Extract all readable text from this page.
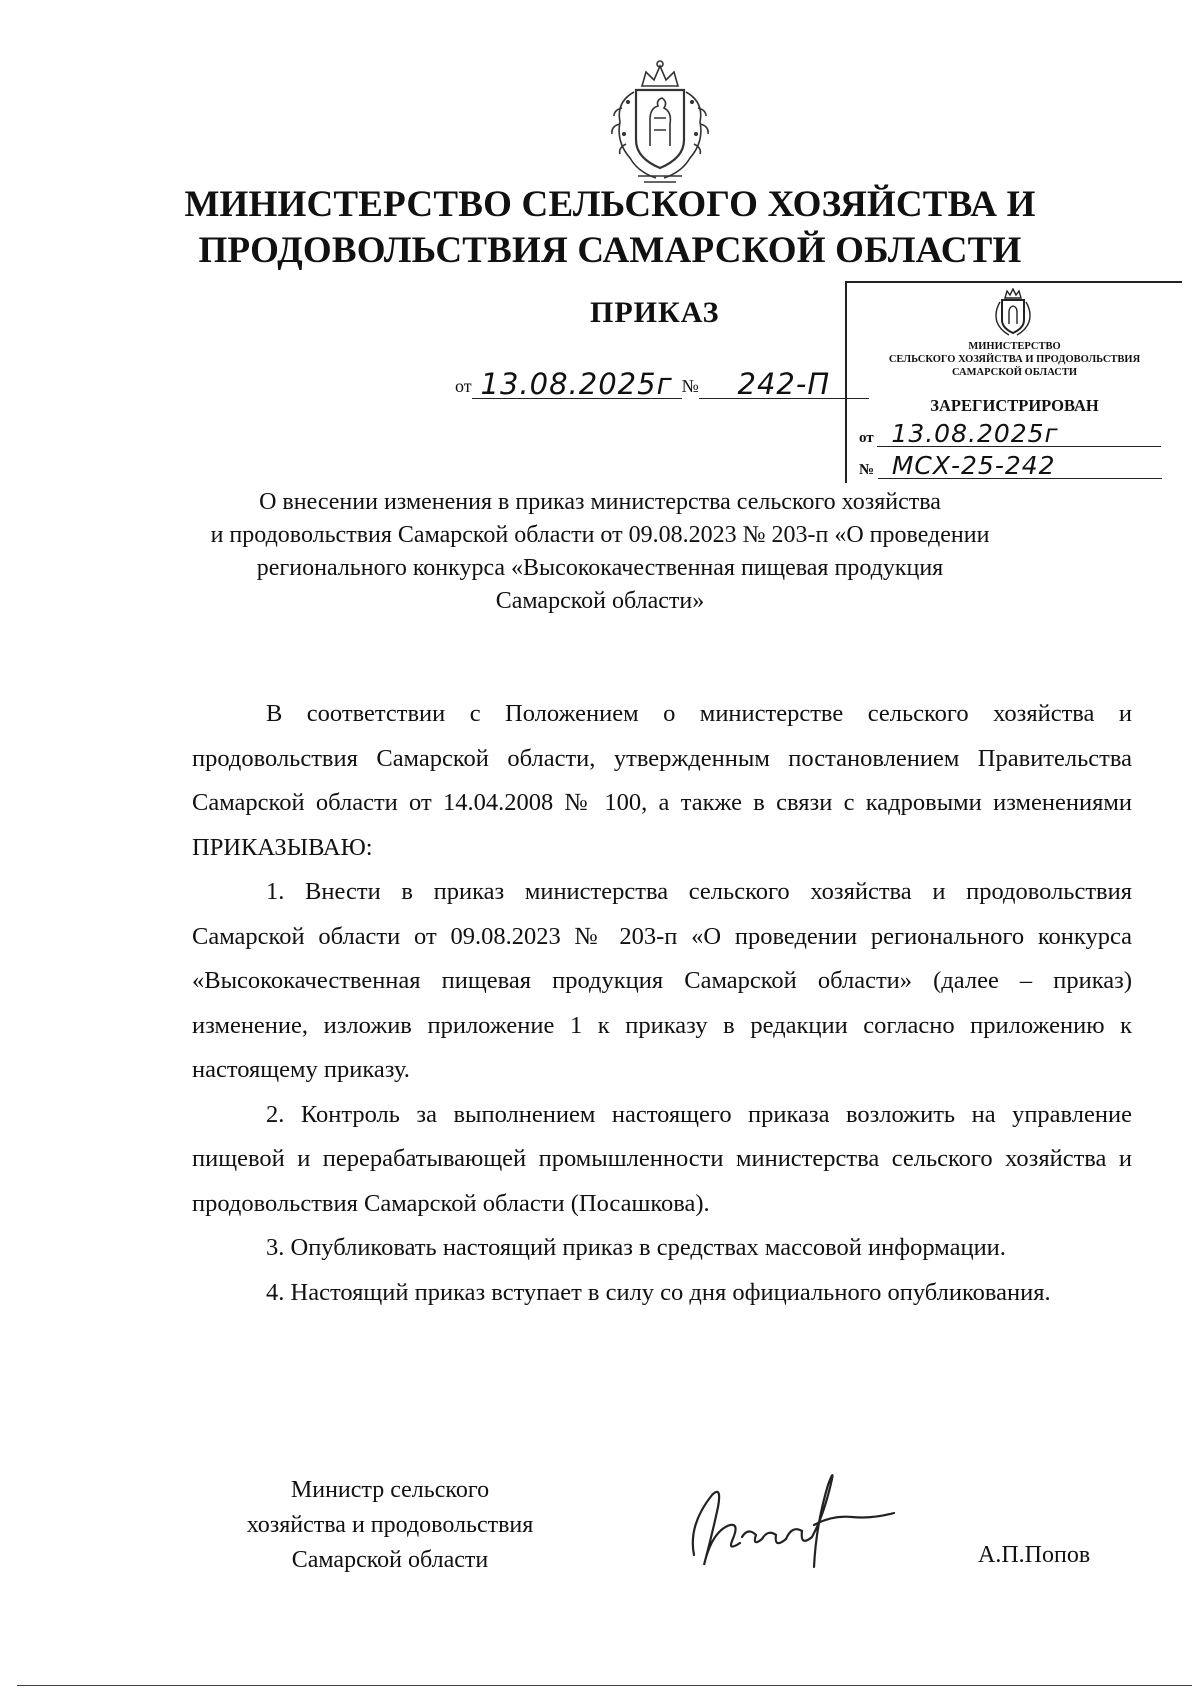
МИНИСТЕРСТВО СЕЛЬСКОГО ХОЗЯЙСТВА И
ПРОДОВОЛЬСТВИЯ САМАРСКОЙ ОБЛАСТИ
ПРИКАЗ
от 13.08.2025г № 242-П
МИНИСТЕРСТВО
СЕЛЬСКОГО ХОЗЯЙСТВА И ПРОДОВОЛЬСТВИЯ
САМАРСКОЙ ОБЛАСТИ
ЗАРЕГИСТРИРОВАН
от 13.08.2025г
№ МСХ-25-242
О внесении изменения в приказ министерства сельского хозяйства
и продовольствия Самарской области от 09.08.2023 № 203-п «О проведении
регионального конкурса «Высококачественная пищевая продукция
Самарской области»

В соответствии с Положением о министерстве сельского хозяйства и продовольствия Самарской области, утвержденным постановлением Правительства Самарской области от 14.04.2008 № 100, а также в связи с кадровыми изменениями ПРИКАЗЫВАЮ:

1. Внести в приказ министерства сельского хозяйства и продовольствия Самарской области от 09.08.2023 № 203-п «О проведении регионального конкурса «Высококачественная пищевая продукция Самарской области» (далее – приказ) изменение, изложив приложение 1 к приказу в редакции согласно приложению к настоящему приказу.

2. Контроль за выполнением настоящего приказа возложить на управление пищевой и перерабатывающей промышленности министерства сельского хозяйства и продовольствия Самарской области (Посашкова).

3. Опубликовать настоящий приказ в средствах массовой информации.

4. Настоящий приказ вступает в силу со дня официального опубликования.

Министр сельского
хозяйства и продовольствия
Самарской области	А.П.Попов
